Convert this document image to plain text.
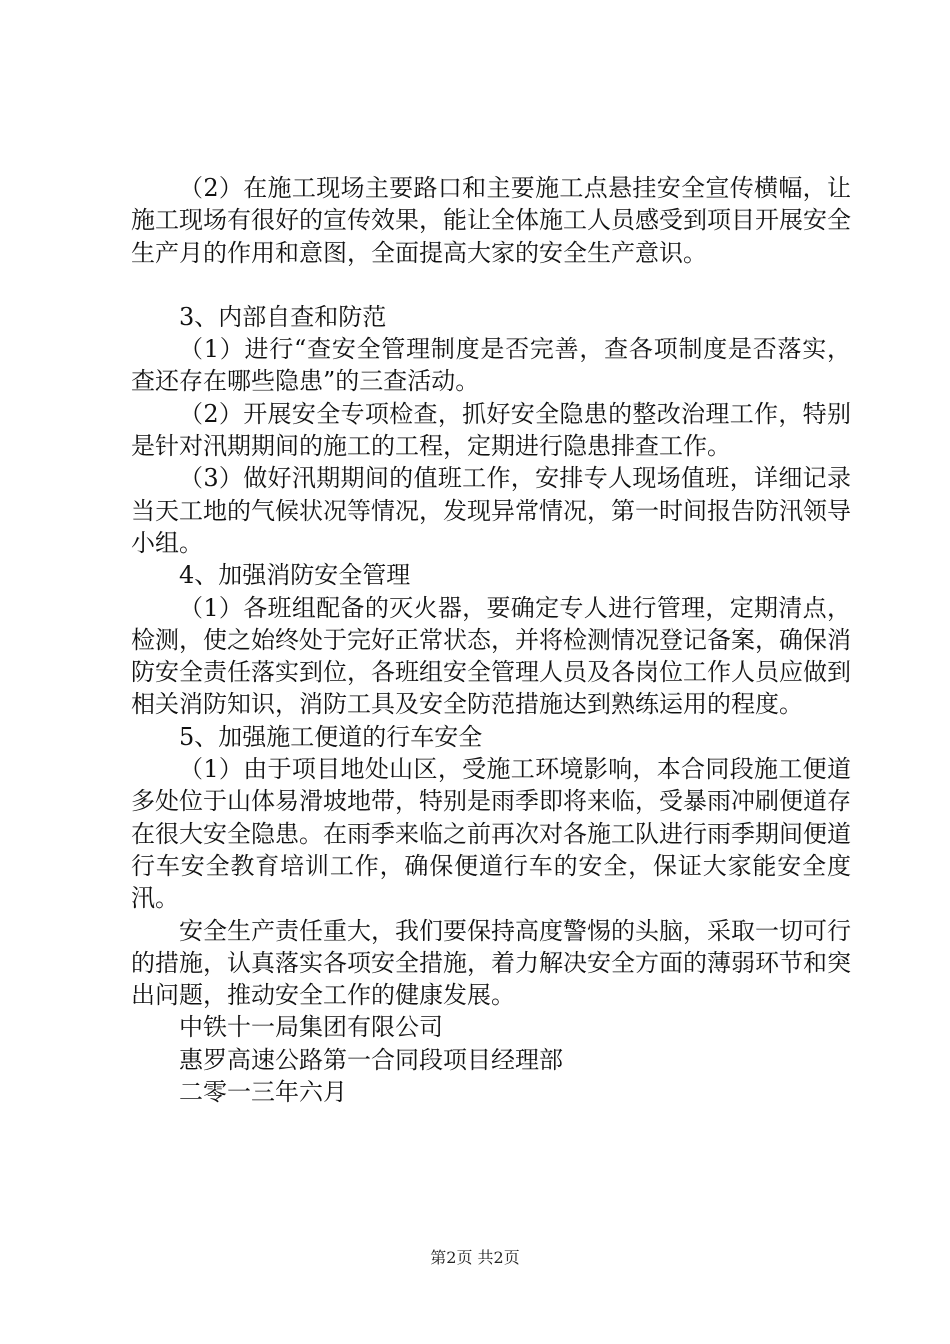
（2）在施工现场主要路口和主要施工点悬挂安全宣传横幅，让施工现场有很好的宣传效果，能让全体施工人员感受到项目开展安全生产月的作用和意图，全面提高大家的安全生产意识。

3、内部自查和防范

（1）进行“查安全管理制度是否完善，查各项制度是否落实，查还存在哪些隐患”的三查活动。

（2）开展安全专项检查，抓好安全隐患的整改治理工作，特别是针对汛期期间的施工的工程，定期进行隐患排查工作。

（3）做好汛期期间的值班工作，安排专人现场值班，详细记录当天工地的气候状况等情况，发现异常情况，第一时间报告防汛领导小组。

4、加强消防安全管理

（1）各班组配备的灭火器，要确定专人进行管理，定期清点，检测，使之始终处于完好正常状态，并将检测情况登记备案，确保消防安全责任落实到位，各班组安全管理人员及各岗位工作人员应做到相关消防知识，消防工具及安全防范措施达到熟练运用的程度。

5、加强施工便道的行车安全

（1）由于项目地处山区，受施工环境影响，本合同段施工便道多处位于山体易滑坡地带，特别是雨季即将来临，受暴雨冲刷便道存在很大安全隐患。在雨季来临之前再次对各施工队进行雨季期间便道行车安全教育培训工作，确保便道行车的安全，保证大家能安全度汛。

安全生产责任重大，我们要保持高度警惕的头脑，采取一切可行的措施，认真落实各项安全措施，着力解决安全方面的薄弱环节和突出问题，推动安全工作的健康发展。

中铁十一局集团有限公司

惠罗高速公路第一合同段项目经理部

二零一三年六月

第2页 共2页
